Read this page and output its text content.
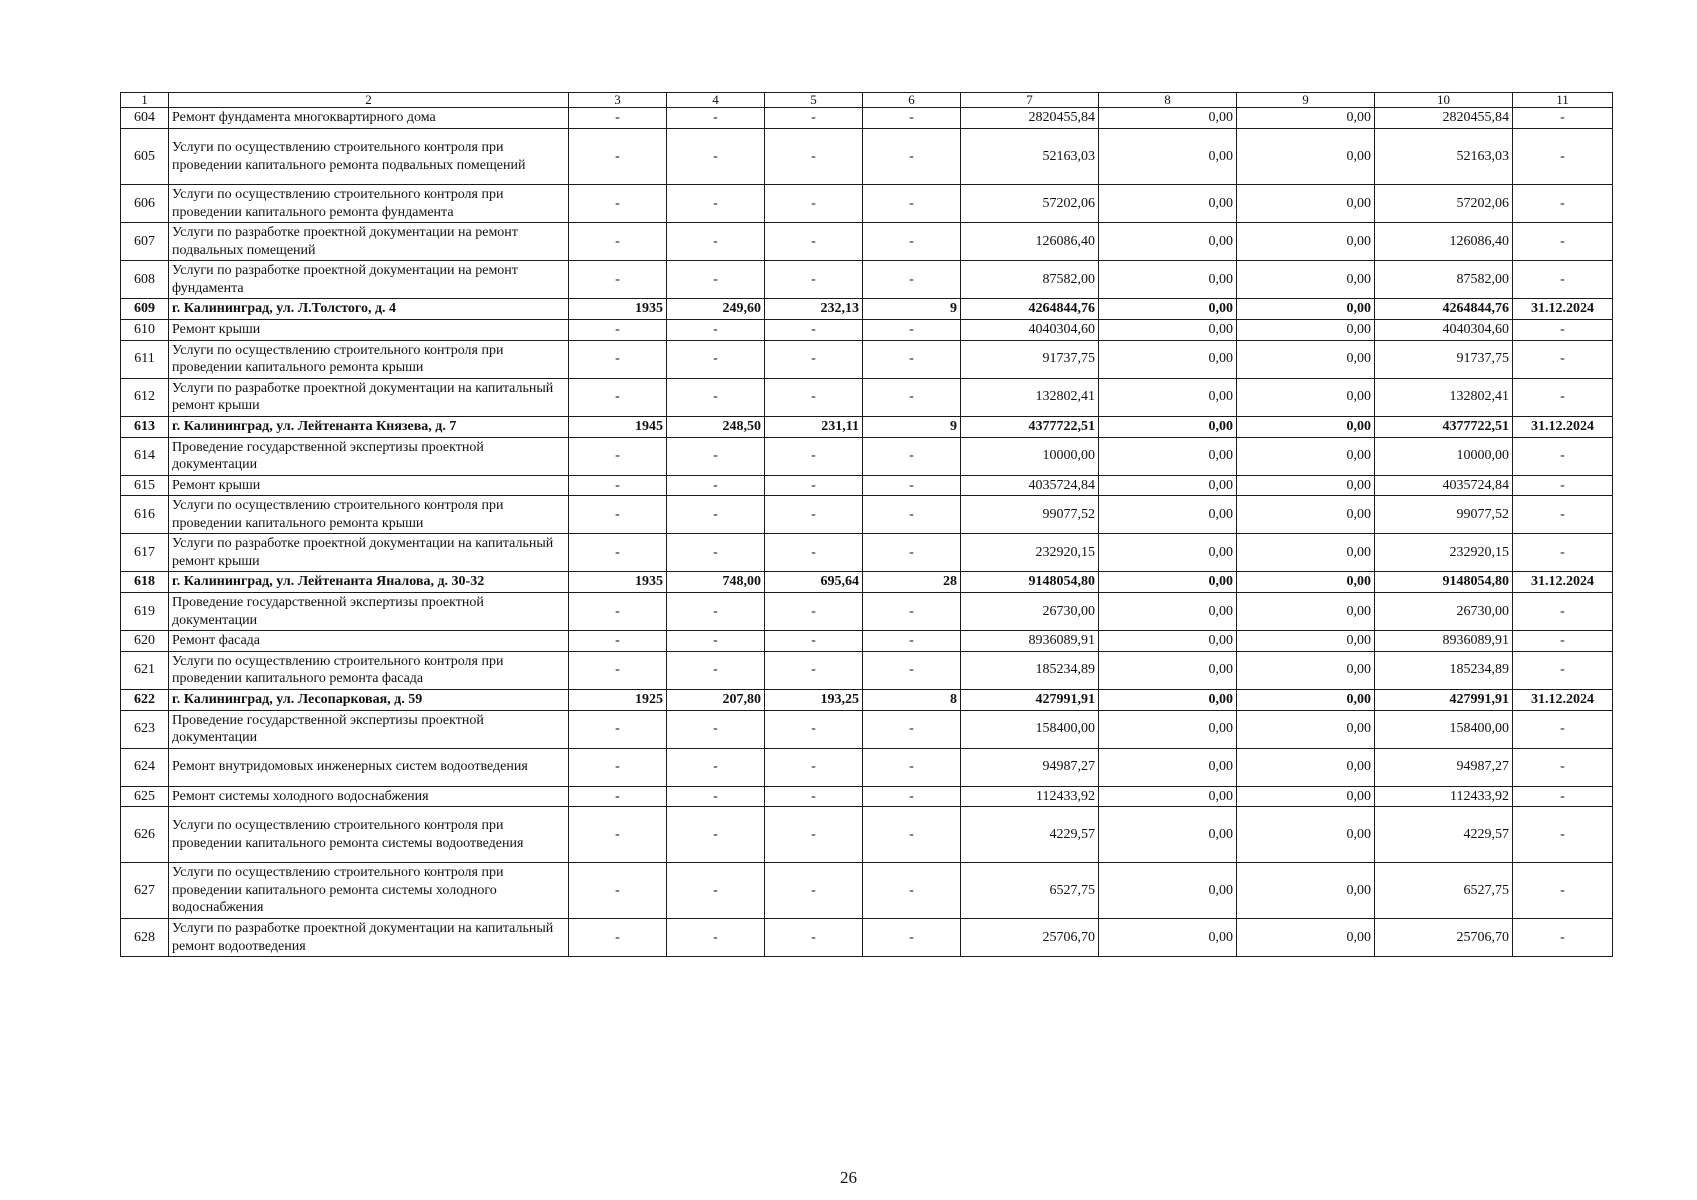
1	2	3	4	5	6	7	8	9	10	11
604	Ремонт фундамента многоквартирного дома	-	-	-	-	2820455,84	0,00	0,00	2820455,84	-
605	Услуги по осуществлению строительного контроля при проведении капитального ремонта подвальных помещений	-	-	-	-	52163,03	0,00	0,00	52163,03	-
606	Услуги по осуществлению строительного контроля при проведении капитального ремонта фундамента	-	-	-	-	57202,06	0,00	0,00	57202,06	-
607	Услуги по разработке проектной документации на ремонт подвальных помещений	-	-	-	-	126086,40	0,00	0,00	126086,40	-
608	Услуги по разработке проектной документации на ремонт фундамента	-	-	-	-	87582,00	0,00	0,00	87582,00	-
609	г. Калининград, ул. Л.Толстого, д. 4	1935	249,60	232,13	9	4264844,76	0,00	0,00	4264844,76	31.12.2024
610	Ремонт крыши	-	-	-	-	4040304,60	0,00	0,00	4040304,60	-
611	Услуги по осуществлению строительного контроля при проведении капитального ремонта крыши	-	-	-	-	91737,75	0,00	0,00	91737,75	-
612	Услуги по разработке проектной документации на капитальный ремонт крыши	-	-	-	-	132802,41	0,00	0,00	132802,41	-
613	г. Калининград, ул. Лейтенанта Князева, д. 7	1945	248,50	231,11	9	4377722,51	0,00	0,00	4377722,51	31.12.2024
614	Проведение государственной экспертизы проектной документации	-	-	-	-	10000,00	0,00	0,00	10000,00	-
615	Ремонт крыши	-	-	-	-	4035724,84	0,00	0,00	4035724,84	-
616	Услуги по осуществлению строительного контроля при проведении капитального ремонта крыши	-	-	-	-	99077,52	0,00	0,00	99077,52	-
617	Услуги по разработке проектной документации на капитальный ремонт крыши	-	-	-	-	232920,15	0,00	0,00	232920,15	-
618	г. Калининград, ул. Лейтенанта Яналова, д. 30-32	1935	748,00	695,64	28	9148054,80	0,00	0,00	9148054,80	31.12.2024
619	Проведение государственной экспертизы проектной документации	-	-	-	-	26730,00	0,00	0,00	26730,00	-
620	Ремонт фасада	-	-	-	-	8936089,91	0,00	0,00	8936089,91	-
621	Услуги по осуществлению строительного контроля при проведении капитального ремонта фасада	-	-	-	-	185234,89	0,00	0,00	185234,89	-
622	г. Калининград, ул. Лесопарковая, д. 59	1925	207,80	193,25	8	427991,91	0,00	0,00	427991,91	31.12.2024
623	Проведение государственной экспертизы проектной документации	-	-	-	-	158400,00	0,00	0,00	158400,00	-
624	Ремонт внутридомовых инженерных систем водоотведения	-	-	-	-	94987,27	0,00	0,00	94987,27	-
625	Ремонт системы холодного водоснабжения	-	-	-	-	112433,92	0,00	0,00	112433,92	-
626	Услуги по осуществлению строительного контроля при проведении капитального ремонта системы водоотведения	-	-	-	-	4229,57	0,00	0,00	4229,57	-
627	Услуги по осуществлению строительного контроля при проведении капитального ремонта системы холодного водоснабжения	-	-	-	-	6527,75	0,00	0,00	6527,75	-
628	Услуги по разработке проектной документации на капитальный ремонт водоотведения	-	-	-	-	25706,70	0,00	0,00	25706,70	-
26
